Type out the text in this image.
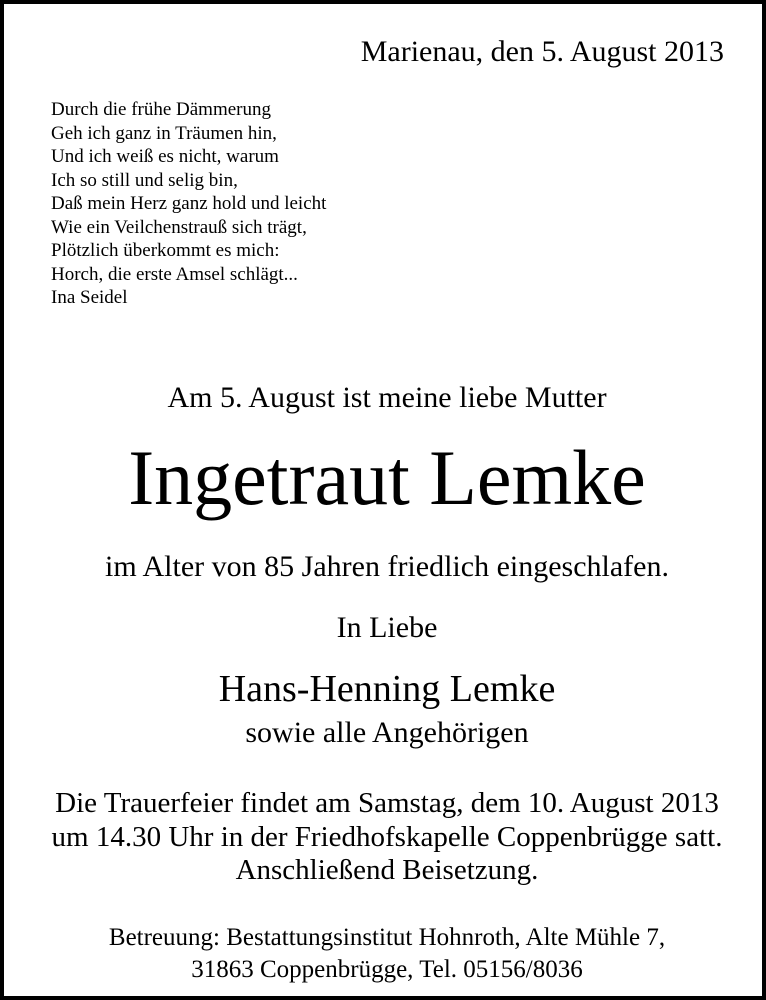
Marienau, den 5. August 2013
Durch die frühe Dämmerung
Geh ich ganz in Träumen hin,
Und ich weiß es nicht, warum
Ich so still und selig bin,
Daß mein Herz ganz hold und leicht
Wie ein Veilchenstrauß sich trägt,
Plötzlich überkommt es mich:
Horch, die erste Amsel schlägt...
Ina Seidel
Am 5. August ist meine liebe Mutter
Ingetraut Lemke
im Alter von 85 Jahren friedlich eingeschlafen.
In Liebe
Hans-Henning Lemke
sowie alle Angehörigen
Die Trauerfeier findet am Samstag, dem 10. August 2013
um 14.30 Uhr in der Friedhofskapelle Coppenbrügge satt.
Anschließend Beisetzung.
Betreuung: Bestattungsinstitut Hohnroth, Alte Mühle 7,
31863 Coppenbrügge, Tel. 05156/8036
